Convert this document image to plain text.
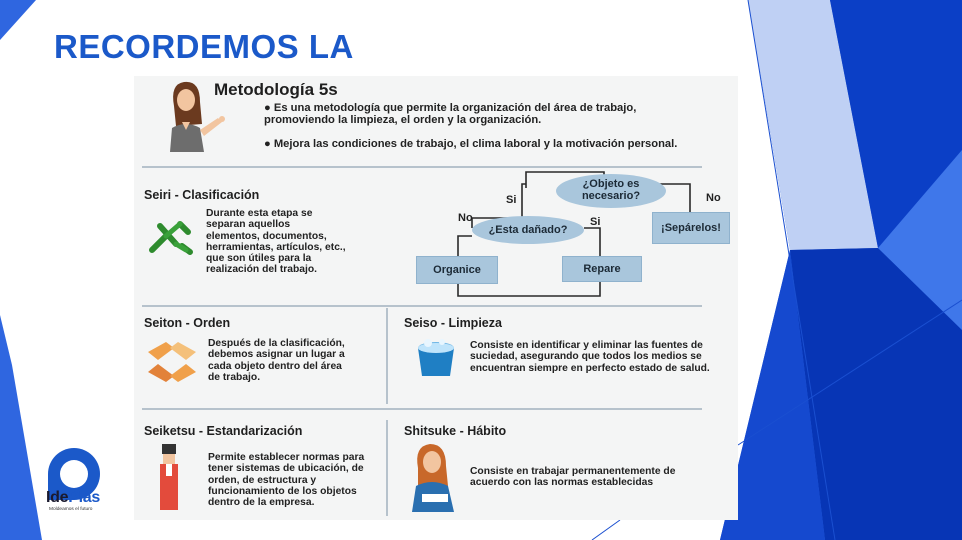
RECORDEMOS LA
Metodología 5s
● Es una metodología que permite la organización del área de trabajo, promoviendo la limpieza, el orden y la organización.
● Mejora las condiciones de trabajo, el clima laboral y la motivación personal.
Seiri - Clasificación
Durante esta etapa se separan aquellos elementos, documentos, herramientas, artículos, etc., que son útiles para la realización del trabajo.
¿Objeto es necesario?
¿Esta dañado?	¡Sepárelos!
Organice	Repare
Si	No
Si
No
Seiton - Orden
Después de la clasificación, debemos asignar un lugar a cada objeto dentro del área de trabajo.
Seiso - Limpieza
Consiste en identificar y eliminar las fuentes de suciedad, asegurando que todos los medios se encuentran siempre en perfecto estado de salud.
Seiketsu - Estandarización
Permite establecer normas para tener sistemas de ubicación, de orden, de estructura y funcionamiento de los objetos dentro de la empresa.
Shitsuke - Hábito
Consiste en trabajar permanentemente de acuerdo con las normas establecidas
IdePlas
Moldeamos el futuro
